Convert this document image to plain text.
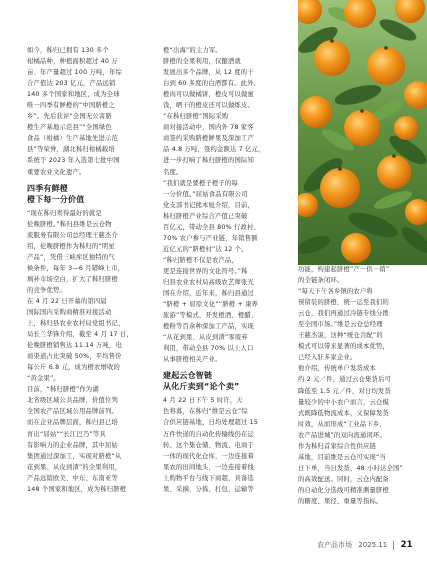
如今，秭归已拥有 130 多个
柑橘品种，种植面积超过 40 万
亩、年产量超过 100 万吨，年综
合产值达 203 亿元，产品远销
140 多个国家和地区，成为全球
唯一四季有鲜橙的“中国脐橙之
乡”。先后获评“全国无公害脐
橙生产基地示范县”“全国绿色
食品（柑橘）生产基地先进示范
县”等荣誉，湖北秭归柑橘载培
系统于 2023 年入选第七批中国
重要农业文化遗产。
四季有鲜橙
橙下每一分价值
“现在秭归卖得最好的就是
伦晚脐橙。”秭归县维是云仓物
流服务有限公司总经理王慈杰介
绍，伦晚脐橙作为秭归的“明星
产品”，凭借三峡库区独特的气
候条件，每年 3—6 月错峰上市，
填补市场空白，扩大了秭归脐橙
的竞争优势。
在 4 月 22 日开幕的第四届
国际国内采购商精准对接活动
上，秭归县农业农村局党组书记、
局长兰华锋介绍，截至 4 月 17 日，
伦晚脐橙销售达 11.14 万吨，电
商渠道占比突破 50%，平均售价
每公斤 6.8 元，成为橙农增收的
“黄金果”。
目前，“秭归脐橙”作为湖
北省级区域公共品牌，价值位列
全国农产品区域公用品牌前列。
而在企业品牌层面，秭归县已培
育出“屈姑”“长江巴乃”等具
有影响力的企业品牌，其中屈姑
集团通过深加工，实现对脐橙“从
花到果、从皮到渣”的全果利用，
产品远销欧美、中东、东南亚等
148 个国家和地区，成为秭归脐橙
橙“出海”的主力军。
脐橙的全果利用，仅酿酒就
发展出多个品牌，从 12 度的干
白到 60 多度的白酒都有。此外，
橙肉可以做橘饼，橙皮可以做蜜
饯，晒干的橙皮还可以做炼皮。
“在秭归脐橙”国际采购
商对接活动中，国内外 78 家客
商签约采购脐橙鲜果及深加工产
品 4.8 万吨，签约金额达 7 亿元，
进一步打响了秭归脐橙的国际知
名度。
“我们就是要橙子橙子的每
一分价值。”屈姑食品有限公司
党支部书记熊本旭介绍，目前，
秭归脐橙产业综合产值已突破
百亿元，带动全县 80% 行政村、
70% 农户参与产业链，年销售额
近亿元的“脐橙村”达 12 个。
“秭归脐橙不仅是农产品，
更是连接世界的文化符号。”秭
归县农业农村局高级农艺师张光
国在介绍，近年来，秭归县通过
“脐橙 + 屈原文化”“脐橙 + 康养
旅游”等模式，开发橙酒、橙醋、
橙粉等百余种深加工产品，实现
“从花到果、从皮到渣”零废弃
利用，带动全县 70% 以上人口
从事脐橙相关产业。
建起云仓智链
从化斤卖到“论个卖”
4 月 22 日下午 5 时许，天
色将暮，在秭归“维是云仓”综
合供应链基地，日均处理超过 15
万件快递的自动化传输线仍在运
转。这个集仓储、物流、电商于
一体的现代化仓库，一边连接着
果农的田间地头，一边连接着线
上购物平台与线下商超，具备选
果、采摘、分拣、打包、运输等
功能，构建起脐橙“产－供－销”
的全链条闭环。
“每天下午各乡镇的农户将
预留装的脐橙，统一运至我们的
云仓，我们再通过冷链专线分拨
至全国市场。”维是云仓总经理
王慈杰说，这种“统仓共配”的
模式可以带来显著的成本优势，
已经入驻多家企业。
他介绍，传统单户发货成本
约 2 元／件，通过云仓集货后可
降低至 1.5 元／件，对日均发货
量较少的中小农户而言，云仓模
式既降低物流成本，又保障发货
时效，从而形成“工业品下乡、
农产品进城”的双向流通闭环。
作为秭归首家综合性供应链
基地，目前维是云仓可实现“当
日下单，当日发货，48 小时达全国”
的高效配送。同时，云仓内配备
的自动化分选线可精准测量脐橙
的糖度、果径、重量等指标。
农产品市场 2025.11 21
